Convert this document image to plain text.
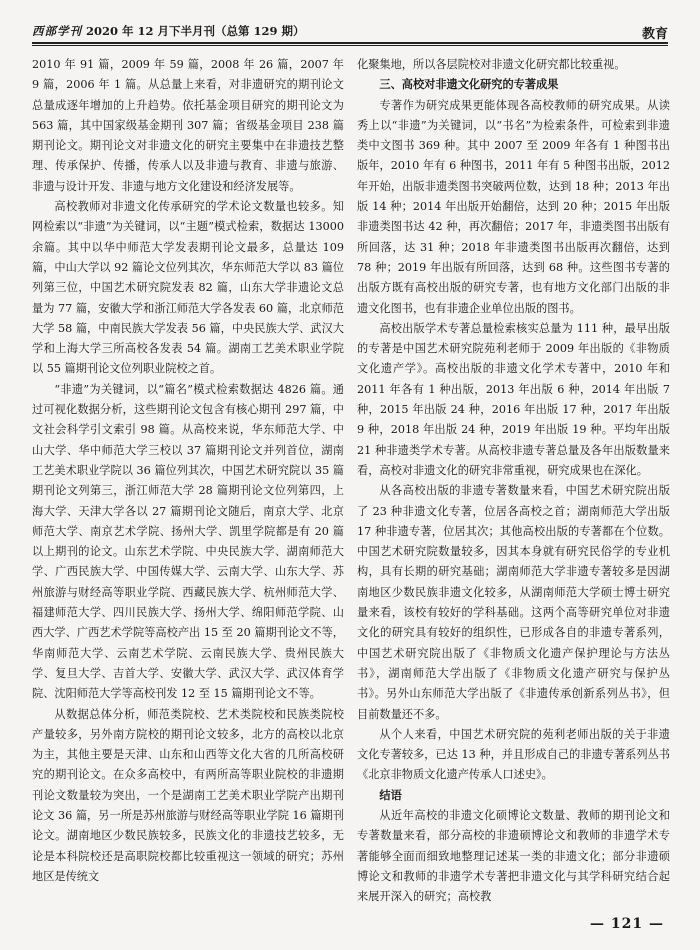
西部学刊 2020 年 12 月下半月刊（总第 129 期）	教育

2010 年 91 篇，2009 年 59 篇，2008 年 26 篇，2007 年 9 篇，2006 年 1 篇。从总量上来看，对非遗研究的期刊论文总量成逐年增加的上升趋势。依托基金项目研究的期刊论文为 563 篇，其中国家级基金期刊 307 篇；省级基金项目 238 篇期刊论文。期刊论文对非遗文化的研究主要集中在非遗技艺整理、传承保护、传播，传承人以及非遗与教育、非遗与旅游、非遗与设计开发、非遗与地方文化建设和经济发展等。

高校教师对非遗文化传承研究的学术论文数量也较多。知网检索以“非遗”为关键词，以“主题”模式检索，数据达 13000 余篇。其中以华中师范大学发表期刊论文最多，总量达 109 篇，中山大学以 92 篇论文位列其次，华东师范大学以 83 篇位列第三位，中国艺术研究院发表 82 篇，山东大学非遗论文总量为 77 篇，安徽大学和浙江师范大学各发表 60 篇，北京师范大学 58 篇，中南民族大学发表 56 篇，中央民族大学、武汉大学和上海大学三所高校各发表 54 篇。湖南工艺美术职业学院以 55 篇期刊论文位列职业院校之首。

“非遗”为关键词，以“篇名”模式检索数据达 4826 篇。通过可视化数据分析，这些期刊论文包含有核心期刊 297 篇，中文社会科学引文索引 98 篇。从高校来说，华东师范大学、中山大学、华中师范大学三校以 37 篇期刊论文并列首位，湖南工艺美术职业学院以 36 篇位列其次，中国艺术研究院以 35 篇期刊论文列第三，浙江师范大学 28 篇期刊论文位列第四，上海大学、天津大学各以 27 篇期刊论文随后，南京大学、北京师范大学、南京艺术学院、扬州大学、凯里学院都是有 20 篇以上期刊的论文。山东艺术学院、中央民族大学、湖南师范大学、广西民族大学、中国传媒大学、云南大学、山东大学、苏州旅游与财经高等职业学院、西藏民族大学、杭州师范大学、福建师范大学、四川民族大学、扬州大学、绵阳师范学院、山西大学、广西艺术学院等高校产出 15 至 20 篇期刊论文不等，华南师范大学、云南艺术学院、云南民族大学、贵州民族大学、复旦大学、吉首大学、安徽大学、武汉大学、武汉体育学院、沈阳师范大学等高校刊发 12 至 15 篇期刊论文不等。

从数据总体分析，师范类院校、艺术类院校和民族类院校产量较多，另外南方院校的期刊论文较多，北方的高校以北京为主，其他主要是天津、山东和山西等文化大省的几所高校研究的期刊论文。在众多高校中，有两所高等职业院校的非遗期刊论文数量较为突出，一个是湖南工艺美术职业学院产出期刊论文 36 篇，另一所是苏州旅游与财经高等职业学院 16 篇期刊论文。湖南地区少数民族较多，民族文化的非遗技艺较多，无论是本科院校还是高职院校都比较重视这一领域的研究；苏州地区是传统文

化聚集地，所以各层院校对非遗文化研究都比较重视。

三、高校对非遗文化研究的专著成果

专著作为研究成果更能体现各高校教师的研究成果。从读秀上以“非遗”为关键词，以“书名”为检索条件，可检索到非遗类中文图书 369 种。其中 2007 至 2009 年各有 1 种图书出版年，2010 年有 6 种图书，2011 年有 5 种图书出版，2012 年开始，出版非遗类图书突破两位数，达到 18 种；2013 年出版 14 种；2014 年出版开始翻倍，达到 20 种；2015 年出版非遗类图书达 42 种，再次翻倍；2017 年，非遗类图书出版有所回落，达 31 种；2018 年非遗类图书出版再次翻倍，达到 78 种；2019 年出版有所回落，达到 68 种。这些图书专著的出版方既有高校出版的研究专著，也有地方文化部门出版的非遗文化图书，也有非遗企业单位出版的图书。

高校出版学术专著总量检索核实总量为 111 种，最早出版的专著是中国艺术研究院苑利老师于 2009 年出版的《非物质文化遗产学》。高校出版的非遗文化学术专著中，2010 年和 2011 年各有 1 种出版，2013 年出版 6 种，2014 年出版 7 种，2015 年出版 24 种，2016 年出版 17 种，2017 年出版 9 种，2018 年出版 24 种，2019 年出版 19 种。平均年出版 21 种非遗类学术专著。从高校非遗专著总量及各年出版数量来看，高校对非遗文化的研究非常重视，研究成果也在深化。

从各高校出版的非遗专著数量来看，中国艺术研究院出版了 23 种非遗文化专著，位居各高校之首；湖南师范大学出版 17 种非遗专著，位居其次；其他高校出版的专著都在个位数。中国艺术研究院数量较多，因其本身就有研究民俗学的专业机构，具有长期的研究基础；湖南师范大学非遗专著较多是因湖南地区少数民族非遗文化较多，从湖南师范大学硕士博士研究量来看，该校有较好的学科基础。这两个高等研究单位对非遗文化的研究具有较好的组织性，已形成各自的非遗专著系列，中国艺术研究院出版了《非物质文化遗产保护理论与方法丛书》，湖南师范大学出版了《非物质文化遗产研究与保护丛书》。另外山东师范大学出版了《非遗传承创新系列丛书》，但目前数量还不多。

从个人来看，中国艺术研究院的苑利老师出版的关于非遗文化专著较多，已达 13 种，并且形成自己的非遗专著系列丛书《北京非物质文化遗产传承人口述史》。

结语

从近年高校的非遗文化硕博论文数量、教师的期刊论文和专著数量来看，部分高校的非遗硕博论文和教师的非遗学术专著能够全面而细致地整理记述某一类的非遗文化；部分非遗硕博论文和教师的非遗学术专著把非遗文化与其学科研究结合起来展开深入的研究；高校教

— 121 —
